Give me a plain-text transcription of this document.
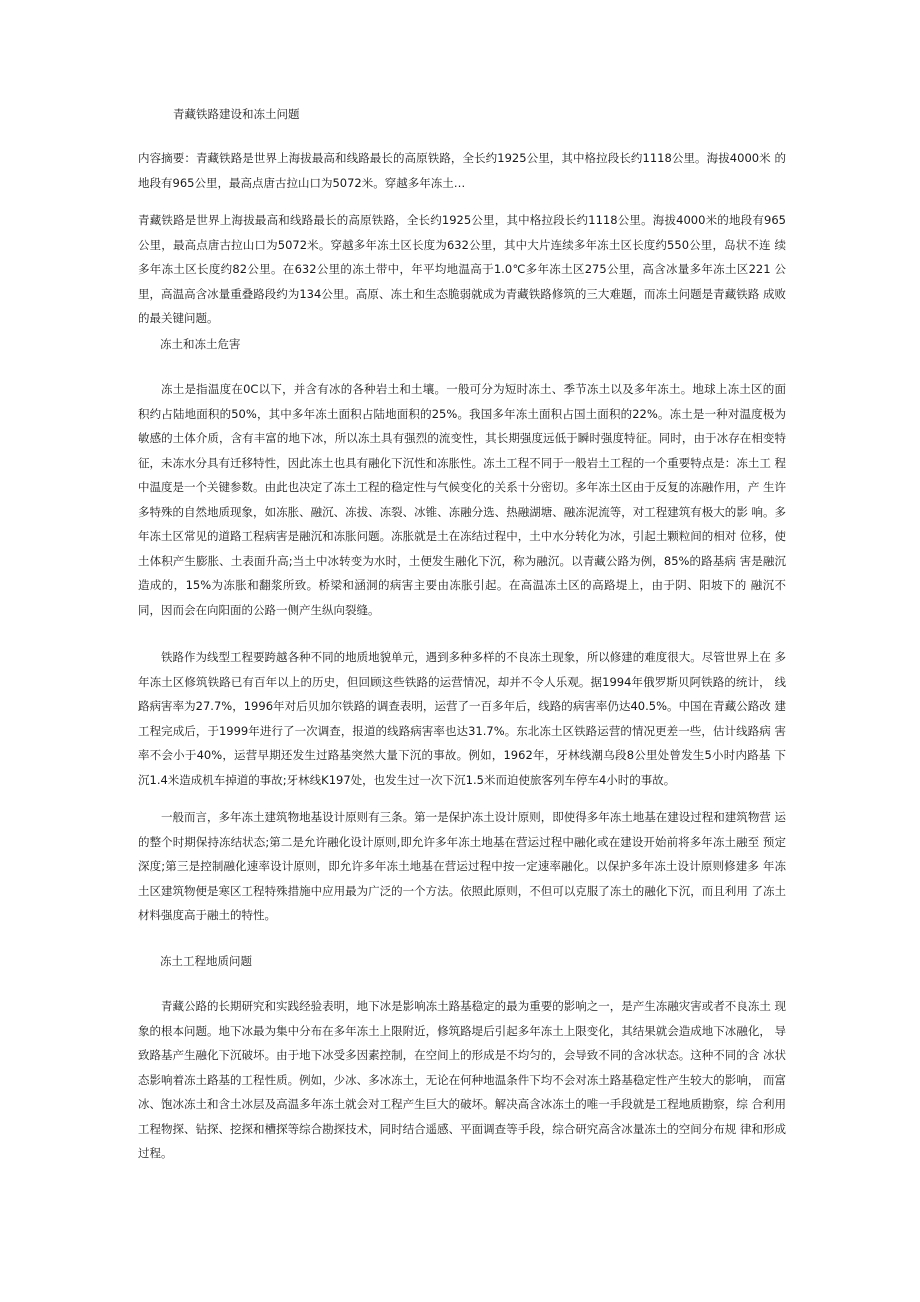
青藏铁路建设和冻土问题

内容摘要：青藏铁路是世界上海拔最高和线路最长的高原铁路，全长约1925公里，其中格拉段长约1118公里。海拔4000米 的地段有965公里，最高点唐古拉山口为5072米。穿越多年冻土…

青藏铁路是世界上海拔最高和线路最长的高原铁路，全长约1925公里，其中格拉段长约1118公里。海拔4000米的地段有965 公里，最高点唐古拉山口为5072米。穿越多年冻土区长度为632公里，其中大片连续多年冻土区长度约550公里，岛状不连 续多年冻土区长度约82公里。在632公里的冻土带中，年平均地温高于1.0℃多年冻土区275公里，高含冰量多年冻土区221 公里，高温高含冰量重叠路段约为134公里。高原、冻土和生态脆弱就成为青藏铁路修筑的三大难题，而冻土问题是青藏铁路 成败的最关键问题。

冻土和冻土危害

冻土是指温度在0C以下，并含有冰的各种岩土和土壤。一般可分为短时冻土、季节冻土以及多年冻土。地球上冻土区的面 积约占陆地面积的50%，其中多年冻土面积占陆地面积的25%。我国多年冻土面积占国土面积的22%。冻土是一种对温度极为 敏感的土体介质，含有丰富的地下冰，所以冻土具有强烈的流变性，其长期强度远低于瞬时强度特征。同时，由于冰存在相变特 征，未冻水分具有迁移特性，因此冻土也具有融化下沉性和冻胀性。冻土工程不同于一般岩土工程的一个重要特点是：冻土工 程中温度是一个关键参数。由此也决定了冻土工程的稳定性与气候变化的关系十分密切。多年冻土区由于反复的冻融作用，产 生许多特殊的自然地质现象，如冻胀、融沉、冻拔、冻裂、冰锥、冻融分选、热融湖塘、融冻泥流等，对工程建筑有极大的影 响。多年冻土区常见的道路工程病害是融沉和冻胀问题。冻胀就是土在冻结过程中，土中水分转化为冰，引起土颗粒间的相对 位移，使土体积产生膨胀、土表面升高;当土中冰转变为水时，土便发生融化下沉，称为融沉。以青藏公路为例，85%的路基病 害是融沉造成的，15%为冻胀和翻浆所致。桥梁和涵洞的病害主要由冻胀引起。在高温冻土区的高路堤上，由于阴、阳坡下的 融沉不同，因而会在向阳面的公路一侧产生纵向裂缝。

铁路作为线型工程要跨越各种不同的地质地貌单元，遇到多种多样的不良冻土现象，所以修建的难度很大。尽管世界上在 多年冻土区修筑铁路已有百年以上的历史，但回顾这些铁路的运营情况，却并不令人乐观。据1994年俄罗斯贝阿铁路的统计， 线路病害率为27.7%，1996年对后贝加尔铁路的调查表明，运营了一百多年后，线路的病害率仍达40.5%。中国在青藏公路改 建工程完成后，于1999年进行了一次调查，报道的线路病害率也达31.7%。东北冻土区铁路运营的情况更差一些，估计线路病 害率不会小于40%，运营早期还发生过路基突然大量下沉的事故。例如，1962年，牙林线潮乌段8公里处曾发生5小时内路基 下沉1.4米造成机车掉道的事故;牙林线K197处，也发生过一次下沉1.5米而迫使旅客列车停车4小时的事故。

一般而言，多年冻土建筑物地基设计原则有三条。第一是保护冻土设计原则，即使得多年冻土地基在建设过程和建筑物营 运的整个时期保持冻结状态;第二是允许融化设计原则,即允许多年冻土地基在营运过程中融化或在建设开始前将多年冻土融至 预定深度;第三是控制融化速率设计原则，即允许多年冻土地基在营运过程中按一定速率融化。以保护多年冻土设计原则修建多 年冻土区建筑物便是寒区工程特殊措施中应用最为广泛的一个方法。依照此原则，不但可以克服了冻土的融化下沉，而且利用 了冻土材料强度高于融土的特性。

冻土工程地质问题

青藏公路的长期研究和实践经验表明，地下冰是影响冻土路基稳定的最为重要的影响之一，是产生冻融灾害或者不良冻土 现象的根本问题。地下冰最为集中分布在多年冻土上限附近，修筑路堤后引起多年冻土上限变化，其结果就会造成地下冰融化， 导致路基产生融化下沉破坏。由于地下冰受多因素控制，在空间上的形成是不均匀的，会导致不同的含冰状态。这种不同的含 冰状态影响着冻土路基的工程性质。例如，少冰、多冰冻土，无论在何种地温条件下均不会对冻土路基稳定性产生较大的影响， 而富冰、饱冰冻土和含土冰层及高温多年冻土就会对工程产生巨大的破坏。解决高含冰冻土的唯一手段就是工程地质勘察，综 合利用工程物探、钻探、挖探和槽探等综合勘探技术，同时结合遥感、平面调查等手段，综合研究高含冰量冻土的空间分布规 律和形成过程。
